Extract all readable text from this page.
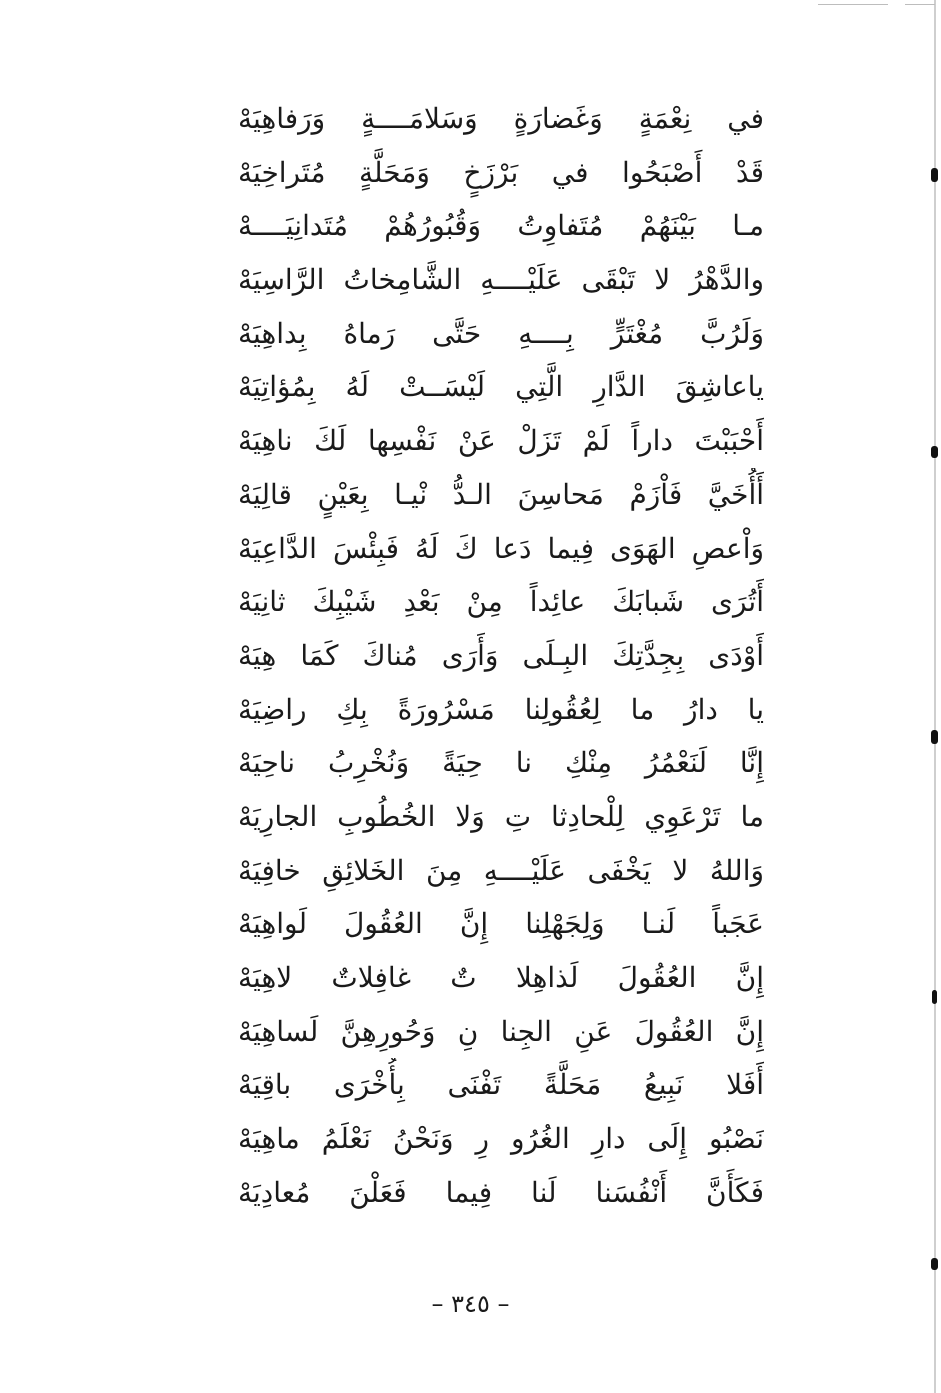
في نِعْمَةٍ وَغَضارَةٍ وَسَلامَــــةٍ وَرَفاهِيَهْ
قَدْ أَصْبَحُوا في بَرْزَخٍ وَمَحَلَّةٍ مُتَراخِيَهْ
مـا بَيْنَهُمْ مُتَفاوِتُ وَقُبُورُهُمْ مُتَدانِيَــــهْ
والدَّهْرُ لا تَبْقَى عَلَيْــــهِ الشَّامِخاتُ الرَّاسِيَهْ
وَلَرُبَّ مُغْتَرٍّ بِــــهِ حَتَّى رَماهُ بِداهِيَهْ
ياعاشِقَ الدَّارِ الَّتِي لَيْسَــتْ لَهُ بِمُؤاتِيَهْ
أَحْبَبْتَ داراً لَمْ تَزَلْ عَنْ نَفْسِها لَكَ ناهِيَهْ
أَأُخَيَّ فَاْزَمْ مَحاسِنَ الـدُّ نْيـا بِعَيْنٍ قالِيَهْ
وَاْعصِ الهَوَى فِيما دَعا كَ لَهُ فَبِئْسَ الدَّاعِيَهْ
أَتُرَى شَبابَكَ عائِداً مِنْ بَعْدِ شَيْبِكَ ثانِيَهْ
أَوْدَى بِجِدَّتِكَ البِـلَى وَأَرَى مُناكَ كَمَا هِيَهْ
يا دارُ ما لِعُقُولِنا مَسْرُورَةً بِكِ راضِيَهْ
إِنَّا لَنَعْمُرُ مِنْكِ نا حِيَةً وَنُخْرِبُ ناحِيَهْ
ما تَرْعَوِي لِلْحادِثا تِ وَلا الخُطُوبِ الجارِيَهْ
وَاللهُ لا يَخْفَى عَلَيْــــهِ مِنَ الخَلائِقِ خافِيَهْ
عَجَباً لَنـا وَلِجَهْلِنا إِنَّ العُقُولَ لَواهِيَهْ
إِنَّ العُقُولَ لَذاهِلا تٌ غافِلاتٌ لاهِيَهْ
إِنَّ العُقُولَ عَنِ الجِنا نِ وَحُورِهِنَّ لَساهِيَهْ
أَفَلا نَبِيعُ مَحَلَّةً تَفْنَى بِأُخْرَى باقِيَهْ
نَصْبُو إِلَى دارِ الغُرُو رِ وَنَحْنُ نَعْلَمُ ماهِيَهْ
فَكَأَنَّ أَنْفُسَنا لَنا فِيما فَعَلْنَ مُعادِيَهْ
– ٣٤٥ –
